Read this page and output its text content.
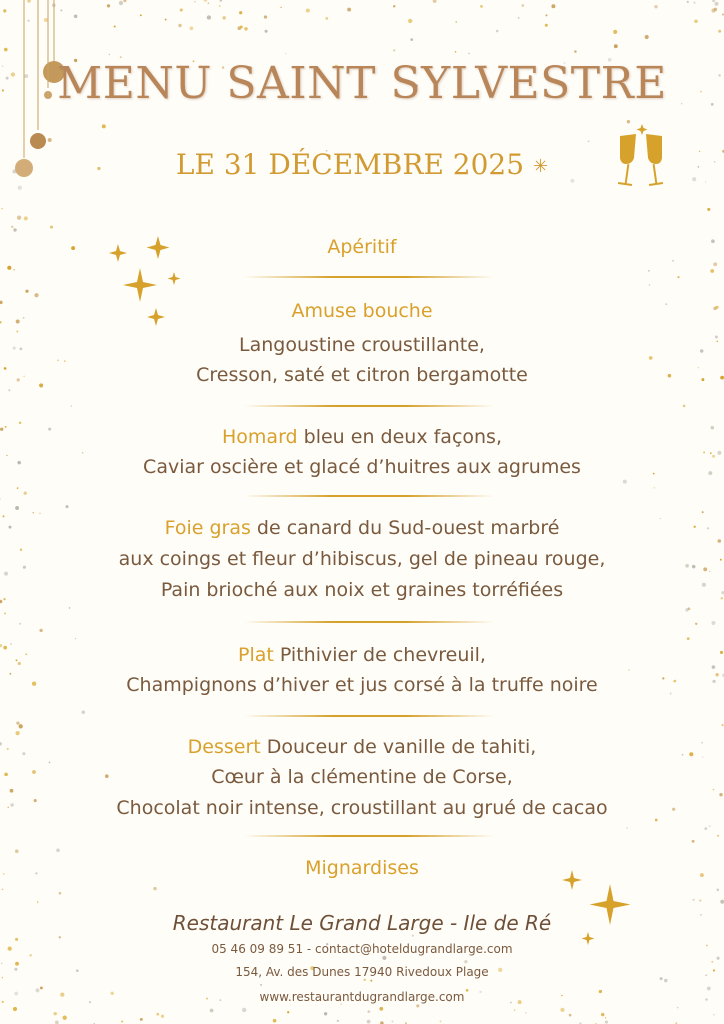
MENU SAINT SYLVESTRE
LE 31 DÉCEMBRE 2025 ✳
Apéritif
Amuse bouche
Langoustine croustillante,
Cresson, saté et citron bergamotte
Homard bleu en deux façons,
Caviar oscière et glacé d’huitres aux agrumes
Foie gras de canard du Sud-ouest marbré
aux coings et fleur d’hibiscus, gel de pineau rouge,
Pain brioché aux noix et graines torréfiées
Plat Pithivier de chevreuil,
Champignons d’hiver et jus corsé à la truffe noire
Dessert Douceur de vanille de tahiti,
Cœur à la clémentine de Corse,
Chocolat noir intense, croustillant au grué de cacao
Mignardises
Restaurant Le Grand Large - Ile de Ré
05 46 09 89 51 - contact@hoteldugrandlarge.com
154, Av. des Dunes 17940 Rivedoux Plage
www.restaurantdugrandlarge.com
